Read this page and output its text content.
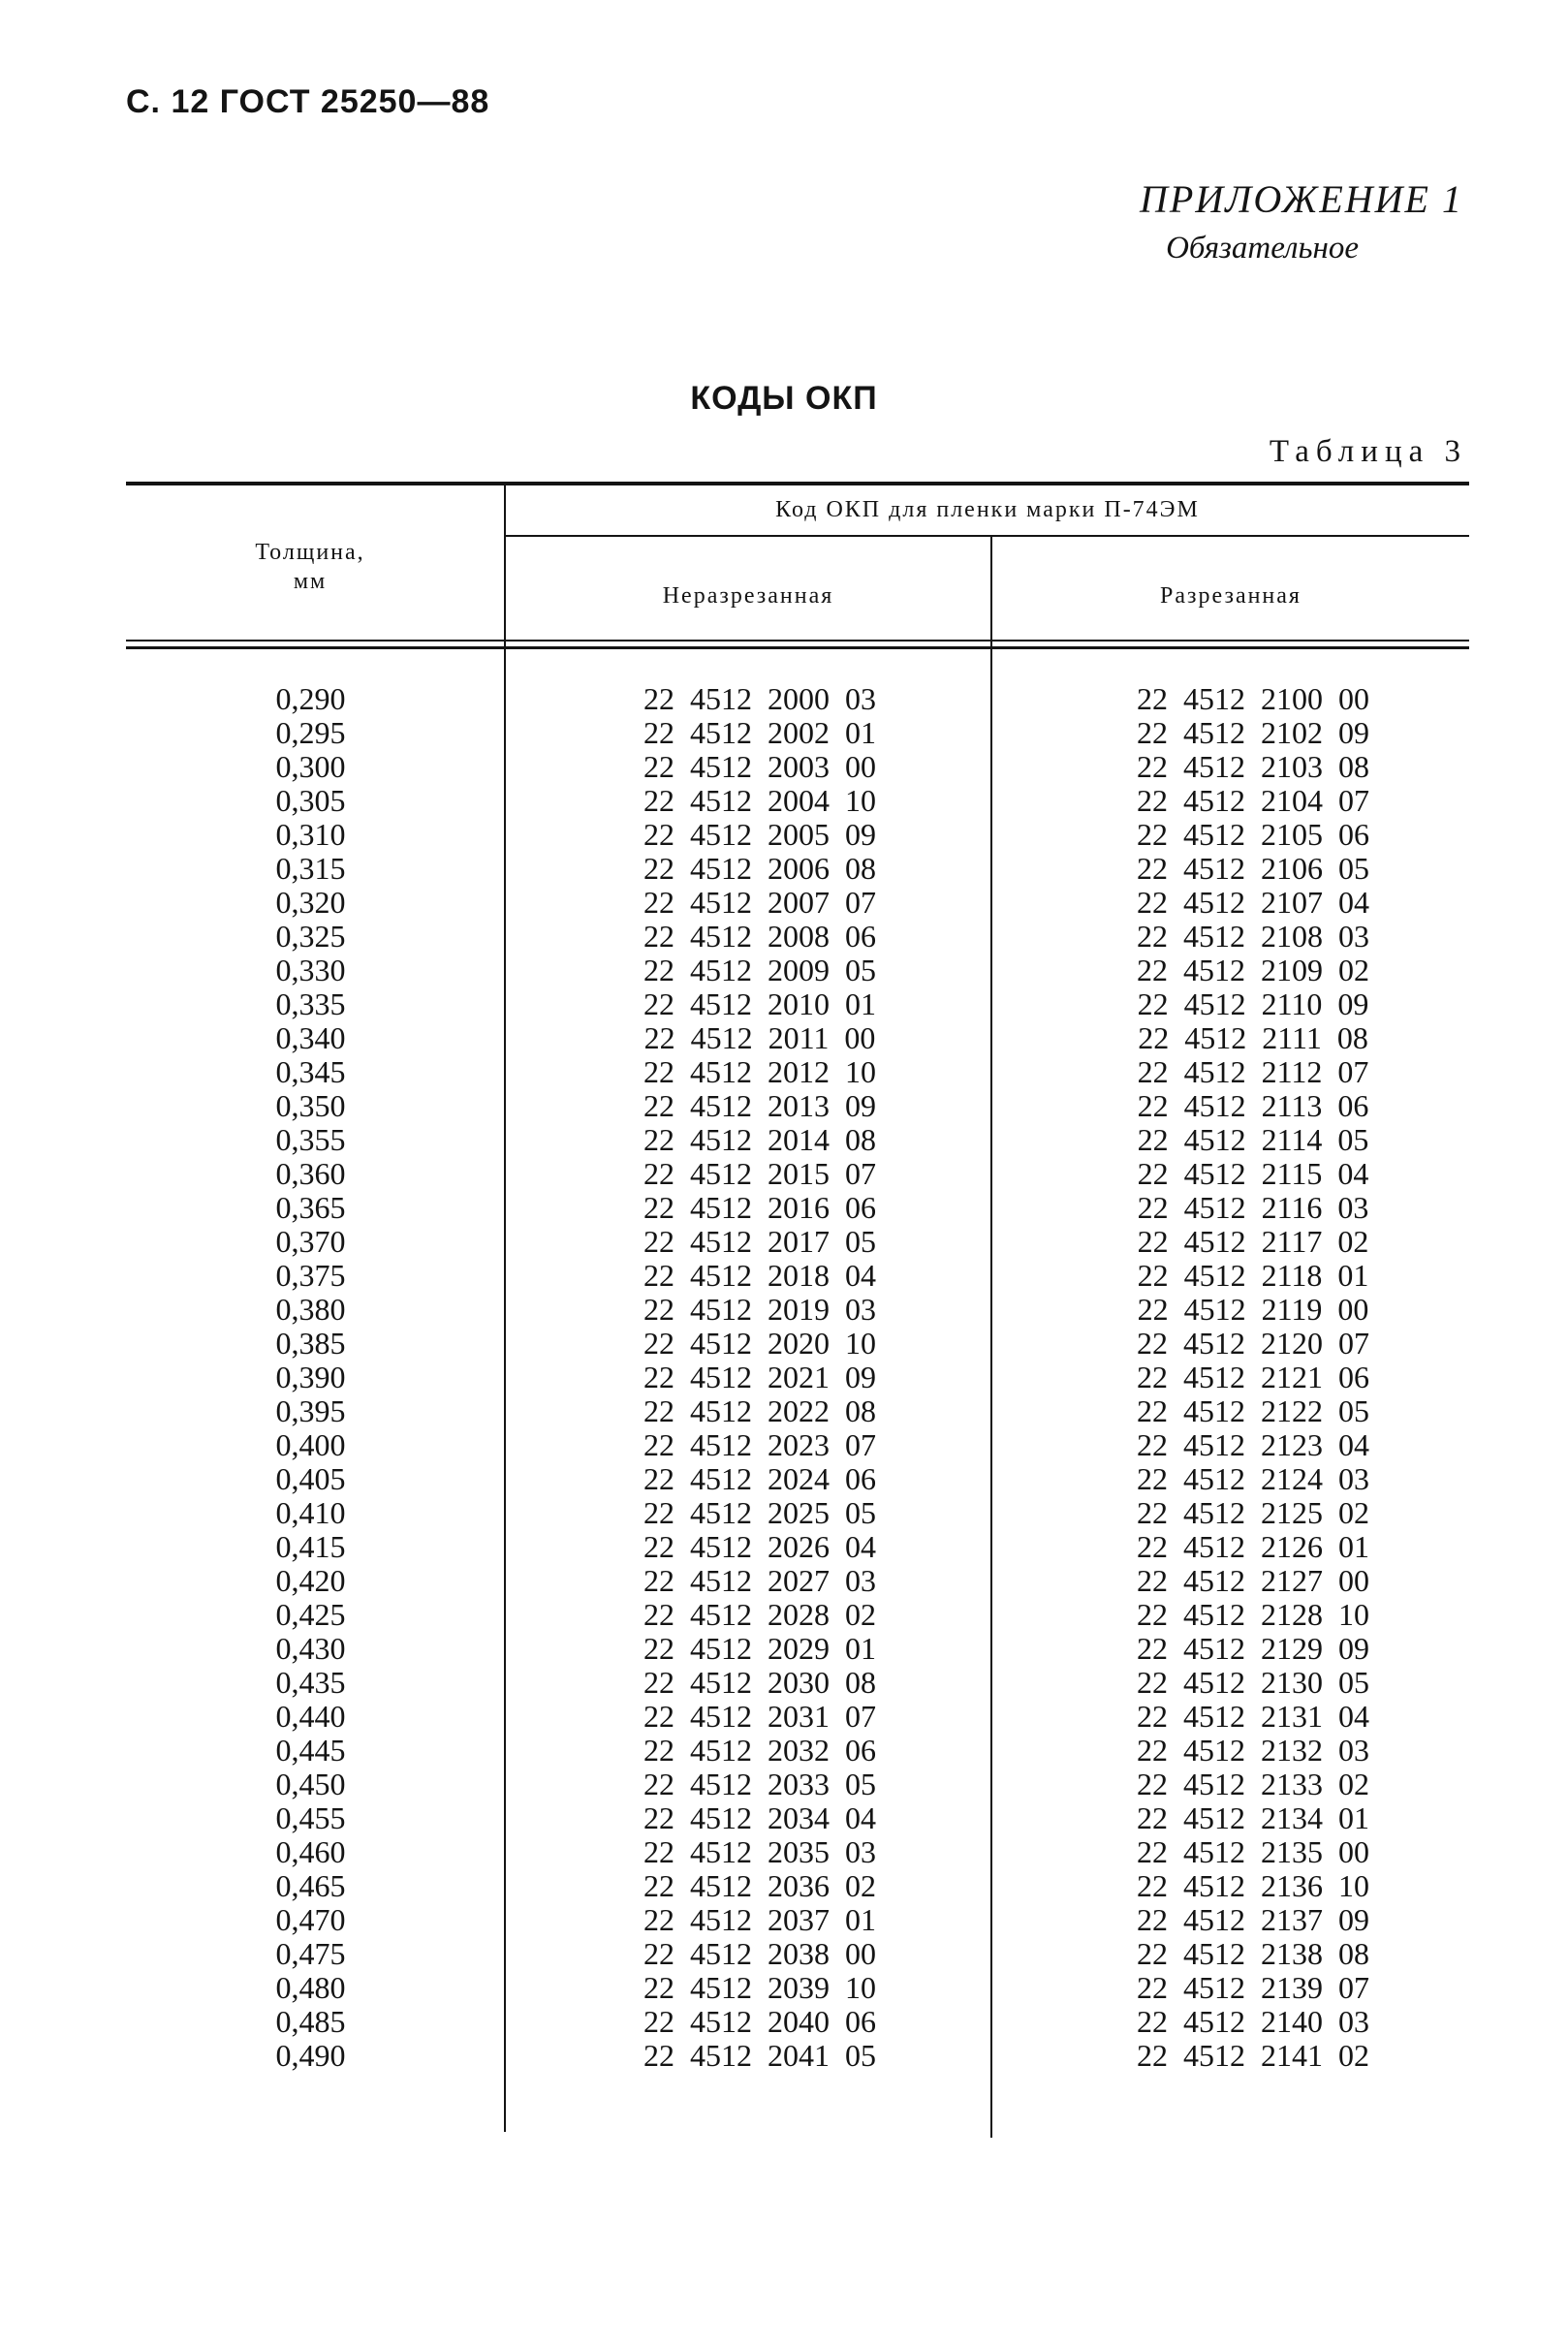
С. 12 ГОСТ 25250—88
ПРИЛОЖЕНИЕ 1
Обязательное
КОДЫ ОКП
Таблица 3
Толщина,
мм
Код ОКП для пленки марки П-74ЭМ
Неразрезанная	Разрезанная
0,290	22 4512 2000 03	22 4512 2100 00
0,295	22 4512 2002 01	22 4512 2102 09
0,300	22 4512 2003 00	22 4512 2103 08
0,305	22 4512 2004 10	22 4512 2104 07
0,310	22 4512 2005 09	22 4512 2105 06
0,315	22 4512 2006 08	22 4512 2106 05
0,320	22 4512 2007 07	22 4512 2107 04
0,325	22 4512 2008 06	22 4512 2108 03
0,330	22 4512 2009 05	22 4512 2109 02
0,335	22 4512 2010 01	22 4512 2110 09
0,340	22 4512 2011 00	22 4512 2111 08
0,345	22 4512 2012 10	22 4512 2112 07
0,350	22 4512 2013 09	22 4512 2113 06
0,355	22 4512 2014 08	22 4512 2114 05
0,360	22 4512 2015 07	22 4512 2115 04
0,365	22 4512 2016 06	22 4512 2116 03
0,370	22 4512 2017 05	22 4512 2117 02
0,375	22 4512 2018 04	22 4512 2118 01
0,380	22 4512 2019 03	22 4512 2119 00
0,385	22 4512 2020 10	22 4512 2120 07
0,390	22 4512 2021 09	22 4512 2121 06
0,395	22 4512 2022 08	22 4512 2122 05
0,400	22 4512 2023 07	22 4512 2123 04
0,405	22 4512 2024 06	22 4512 2124 03
0,410	22 4512 2025 05	22 4512 2125 02
0,415	22 4512 2026 04	22 4512 2126 01
0,420	22 4512 2027 03	22 4512 2127 00
0,425	22 4512 2028 02	22 4512 2128 10
0,430	22 4512 2029 01	22 4512 2129 09
0,435	22 4512 2030 08	22 4512 2130 05
0,440	22 4512 2031 07	22 4512 2131 04
0,445	22 4512 2032 06	22 4512 2132 03
0,450	22 4512 2033 05	22 4512 2133 02
0,455	22 4512 2034 04	22 4512 2134 01
0,460	22 4512 2035 03	22 4512 2135 00
0,465	22 4512 2036 02	22 4512 2136 10
0,470	22 4512 2037 01	22 4512 2137 09
0,475	22 4512 2038 00	22 4512 2138 08
0,480	22 4512 2039 10	22 4512 2139 07
0,485	22 4512 2040 06	22 4512 2140 03
0,490	22 4512 2041 05	22 4512 2141 02
